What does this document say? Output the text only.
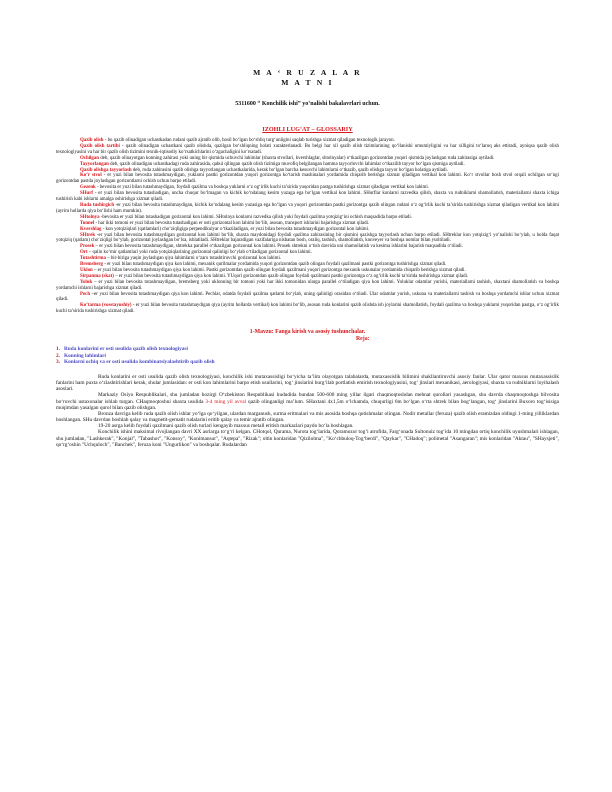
M A ‘ R U Z A L A R
M A T N I
5311600 “ Konchilik ishi” yo‘nalishi bakalavrlari uchun.
IZOHLI LUG‘AT – GLOSSARIY

Qazib olish - bu qazib olinadigan uchastkadan rudani qazib ajratib olib, hosil bo‘lgan bo‘shliq turg‘unligini saqlab turishga xizmat qiladigan texnologik jarayon.

Qazib olish tartibi - qazib olinadigan uchastkani qazib olishda, qazilgan bo‘shliqning holati xarakterlanadi. Bu belgi har xil qazib olish tizimlarining qo‘llanishi umumiyligini va har xilligini to‘laroq aks ettiradi, ayniqsa qazib olish texnologiyasini va har bir qazib olish tizimini texnik-iqtisodiy ko‘rsatkichlarini o‘zgachaligini ko‘rsatadi.

Ochilgan deb, qazib olinayotgan konning zahirasi yoki uning bir qismida uchuvchi lahimlar (shaxta stvollari, kvershlaglar, shtolnyalar) o‘tkazilgan gorizontdan yuqori qismida joylashgan ruda zahirasiga aytiladi.

Tayyorlangan deb, qazib olinadigan uchastkadagi ruda zahirasida, qabul qilingan qazib olish tizimiga muvofiq belgilangan hamma tayyorlovchi lahimlar o‘tkazilib tayyor bo‘lgan qismiga aytiladi.

Qazib olishga tayyorlash deb, ruda zahirasini qazib olishga tayyorlangan uchastkalarida, kerak bo‘lgan barcha kesuvchi lahimlarni o‘tkazib, qazib olishga tayyor bo‘lgan holatiga aytiladi.

Ko‘r stvol - er yuzi bilan bevosita tutashmaydigan, yuklarni pastki gorizontdan yuqori gorizontga ko‘tarish mashinalari yordamida chiqarib berishga xizmat qiladigan vertikal kon lahimi. Ko‘r stvollar bosh stvol orqali ochilgan so‘ngi gorizontdan pastda joylashgan gorizontlarni ochish uchun barpo etiladi.

Gezenk - bevosita er yuzi bilan tutashmaydigan, foydali qazilma va boshqa yuklarni o‘z og‘irlik kuchi ta’sirida yuqoridan pastga tushirishga xizmat qiladigan vertikal kon lahimi.

SHurf - er yuzi bilan bevosita tutashadigan, uncha chuqur bo‘lmagan va kichik ko‘ndalang kesim yuzaga ega bo‘lgan vertikal kon lahimi. SHurflar konlarni razvedka qilish, shaxta va rudniklarni shamollatish, materiallarni shaxta ichiga tushirish kabi ishlarni amalga oshirishga xizmat qiladi.

Ruda tushirgich -er yuzi bilan bevosita tutashmaydigan, kichik ko‘ndalang kesim yuzasiga ega bo‘lgan va yuqori gorizontdan pastki gorizontga qazib olingan rudani o‘z og‘irlik kuchi ta’sirida tushirishga xizmat qiladigan vertikal kon lahimi (ayrim hollarda qiya bo‘lishi ham mumkin).

SHtolnya -bevosita er yuzi bilan tutashadigan gorizontal kon lahimi. SHtolnya konlarni razvedka qilish yoki foydali qazilma yotqizig‘ini ochish maqsadida barpo etiladi.

Tonnel - har ikki tomoni er yuzi bilan bevosita tutashadigan er osti gorizontal kon lahimi bo‘lib, asosan, transport ishlarini bajarishga xizmat qiladi.

Kvershlag - kon yotqiziqlari (qatlamlari) cho‘ziqligiga perpendikulyar o‘tkaziladigan, er yuzi bilan bevosita tutashmaydigan gorizontal kon lahimi.

SHtrek -er yuzi bilan bevosita tutashmaydigan gorizontal kon lahimi bo‘lib, shaxta maydonidagi foydali qazilma zahirasining bir qismini qazishga tayyorlash uchun barpo etiladi. SHtreklar kon yotqizig‘i yo‘nalishi bo‘ylab, u holda faqat yotqiziq (qatlam) cho‘ziqligi bo‘ylab, gorizontal joylashgan bo‘lsa, ishlatiladi. SHtreklar bajaradigan vazifalariga nisbatan bosh, oraliq, tashish, shamollatish, konveyer va boshqa nomlar bilan yuritiladi.

Prosek – er yuzi bilan bevosita tutashmaydigan, shtrekka parallel o‘tkazilgan gorizontal kon lahimi. Prosek shtrekni o‘tish davrida uni shamollatish va kesima ishlarini bajarish maqsadida o‘tiladi.

Ort – qalin ko‘mir qatlamlari yoki ruda yotqiziqlarining gorizontal qalinligi bo‘ylab o‘tiladigan gorizontal kon lahimi.

Tutashtirma – bir-biriga yaqin joylashgan qiya lahimlarni o‘zaro tutashtiruvchi gorizontal kon lahimi.

Bremsberg - er yuzi bilan tutashmaydigan qiya kon lahimi, mexanik qurilmalar yordamida yuqori gorizontdan qazib olingan foydali qazilmani pastki gorizontga tushirishga xizmat qiladi.

Uklon – er yuzi bilan bevosita tutashmaydigan qiya kon lahimi. Pastki gorizontdan qazib olingan foydali qazilmani yuqori gorizontga mexanik uskunalar yordamida chiqarib berishga xizmat qiladi.

Sirpanma (skat) – er yuzi bilan bevosita tutashmaydigan qiya kon lahimi. YUqori gorizontdan qazib olingan foydali qazilmani pastki gorizontga o‘z og‘irlik kuchi ta’sirida tushirishga xizmat qiladi.

Yoluk – er yuzi bilan bevosita tutashmaydigan, bremsberg yoki uklonning bir tomoni yoki har ikki tomonidan ularga parallel o‘tiladigan qiya kon lahimi. Yoluklar odamlar yurishi, materiallarni tashish, shaxtani shamollatish va boshqa yordamchi ishlarni bajarishga xizmat qiladi.

Pech –er yuzi bilan bevosita tutashmaydigan qiya kon lahimi. Pechlar, odatda foydali qazilma qatlami bo‘ylab, uning qalinligi orasidan o‘tiladi. Ular odamlar yurish, uskuna va materiallarni tashish va boshqa yordamchi ishlar uchun xizmat qiladi.

Ko‘tarma (vosstayushiy) - er yuzi bilan bevosita tutashmaydigan qiya (ayrim hollarda vertikal) kon lahimi bo‘lib, asosan ruda konlarini qazib olishda ish joylarini shamollatish, foydali qazilma va boshqa yuklarni yuqoridan pastga, o‘z og‘irlik kuchi ta’sirida tushirishga xizmat qiladi.

1-Mavzu: Fanga kirish va asosiy tushunchalar.
Reja:
1. Ruda konlarini er osti usulida qazib olish texnologiyasi
2. Konning lahimlari
3. Konlarni ochiq va er osti usulida kombinatsiyalashtirib qazib olish

Ruda konlarini er osti usulida qazib olish texnologiyasi, konchilik ishi mutaxassisligi bo‘yicha ta’lim olayotgan talabalarda, mutaxassislik bilimini shakllantiruvchi asosiy fanlar. Ular qator maxsus mutaxassislik fanlarini ham puxta o‘zlashtirishlari kerak, shular jumlasidan: er osti kon lahimlarini barpo etish usullarini, tog‘ jinslarini burg‘ilab portlatish emirish texnologiyasini, tog‘ jinslari mexanikasi, aerologiyasi, shaxta va rudniklarni loyihalash asoslari.

Markaziy Osiyo Respublikalari, shu jumladan hozirgi O‘zbekiston Respublikasi hududida bundan 500-600 ming yillar ilgari chaqmoqtoshdan mehnat qurollari yasashgan, shu davrda chaqmoqtoshga bilvosita bo‘ruvchi ustaxonalar ishlab turgan. CHaqmoqtoshni shaxta usulida 3-4 ming yil avval qazib olinganligi ma’lum. SHaxtani 4x1,5m o‘lchamda, chuqurligi 6m bo‘lgan o‘rta shtrek bilan bog‘langan, tog‘ jinslarini Buxoro tog‘isisiga muqimdan yasalgan qurol bilan qazib olishgan.

Bronza davriga kelib ruda qazib olish ishlar yo‘lga qo‘yilgan, ulardan marganush, surma eritmalari va mis asosida boshqa qotishmalar olingan. Nodir metallar (feruza) qazib olish eramizdan oldingi 1-ming yilliklardan boshlangan. SHu davrdan boshlab qalay va magnetit-gematit rudalarini eritib qalay va temir ajratib olingan.

19-20 asrga kelib foydali qazilmani qazib olish turlari kengayib maxsus metall eritish markazlari paydo bo‘la boshlagan.

Konchilik ishini maksimal rivojlangan davri XX asrlarga to‘g‘ri kelgan. CHotqol, Qurama, Nurota tog‘larida, Qoramozor tog‘i atrofida, Farg‘onada Sultonuiz tog‘ida 10 mingdan ortiq konchilik uyushmalari ishlagan, shu jumladan, "Lashkerak", "Konjal", "Tabashor", "Konsoy", "Konimansur", "Aqtepa", "Rizak"; oltin konlaridan "Qizilolma", "Ko‘chbuloq-Tog‘berdi", "Qaykar", "CHadoq"; polimetal "Asangaran"; mis konlaridan "Aktau", "SHaysjeti", qo‘rg‘oshin "Uchquloch", "Banchek", feruza koni "Ungurlikon" va boshqalar. Rudalardan
